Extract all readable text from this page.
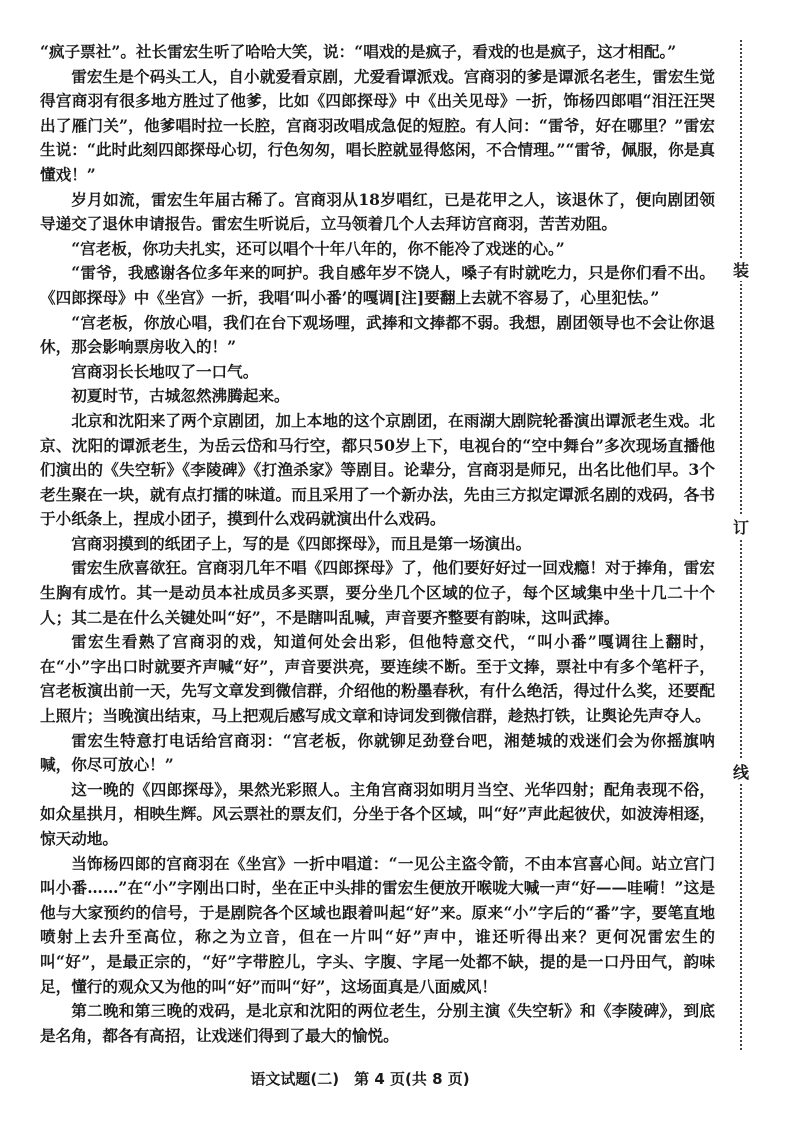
“疯子票社”。社长雷宏生听了哈哈大笑，说：“唱戏的是疯子，看戏的也是疯子，这才相配。”

雷宏生是个码头工人，自小就爱看京剧，尤爱看谭派戏。宫商羽的爹是谭派名老生，雷宏生觉得宫商羽有很多地方胜过了他爹，比如《四郎探母》中《出关见母》一折，饰杨四郎唱“泪汪汪哭出了雁门关”，他爹唱时拉一长腔，宫商羽改唱成急促的短腔。有人问：“雷爷，好在哪里？”雷宏生说：“此时此刻四郎探母心切，行色匆匆，唱长腔就显得悠闲，不合情理。”“雷爷，佩服，你是真懂戏！”

岁月如流，雷宏生年届古稀了。宫商羽从18岁唱红，已是花甲之人，该退休了，便向剧团领导递交了退休申请报告。雷宏生听说后，立马领着几个人去拜访宫商羽，苦苦劝阻。

“宫老板，你功夫扎实，还可以唱个十年八年的，你不能冷了戏迷的心。”

“雷爷，我感谢各位多年来的呵护。我自感年岁不饶人，嗓子有时就吃力，只是你们看不出。《四郎探母》中《坐宫》一折，我唱‘叫小番’的嘎调[注]要翻上去就不容易了，心里犯怯。”

“宫老板，你放心唱，我们在台下观场哩，武捧和文捧都不弱。我想，剧团领导也不会让你退休，那会影响票房收入的！”

宫商羽长长地叹了一口气。

初夏时节，古城忽然沸腾起来。

北京和沈阳来了两个京剧团，加上本地的这个京剧团，在雨湖大剧院轮番演出谭派老生戏。北京、沈阳的谭派老生，为岳云岱和马行空，都只50岁上下，电视台的“空中舞台”多次现场直播他们演出的《失空斩》《李陵碑》《打渔杀家》等剧目。论辈分，宫商羽是师兄，出名比他们早。3个老生聚在一块，就有点打擂的味道。而且采用了一个新办法，先由三方拟定谭派名剧的戏码，各书于小纸条上，捏成小团子，摸到什么戏码就演出什么戏码。

宫商羽摸到的纸团子上，写的是《四郎探母》，而且是第一场演出。

雷宏生欣喜欲狂。宫商羽几年不唱《四郎探母》了，他们要好好过一回戏瘾！对于捧角，雷宏生胸有成竹。其一是动员本社成员多买票，要分坐几个区域的位子，每个区域集中坐十几二十个人；其二是在什么关键处叫“好”，不是瞎叫乱喊，声音要齐整要有韵味，这叫武捧。

雷宏生看熟了宫商羽的戏，知道何处会出彩，但他特意交代，“叫小番”嘎调往上翻时，在“小”字出口时就要齐声喊“好”，声音要洪亮，要连续不断。至于文捧，票社中有多个笔杆子，宫老板演出前一天，先写文章发到微信群，介绍他的粉墨春秋，有什么绝活，得过什么奖，还要配上照片；当晚演出结束，马上把观后感写成文章和诗词发到微信群，趁热打铁，让舆论先声夺人。

雷宏生特意打电话给宫商羽：“宫老板，你就铆足劲登台吧，湘楚城的戏迷们会为你摇旗呐喊，你尽可放心！”

这一晚的《四郎探母》，果然光彩照人。主角宫商羽如明月当空、光华四射；配角表现不俗，如众星拱月，相映生辉。风云票社的票友们，分坐于各个区域，叫“好”声此起彼伏，如波涛相逐，惊天动地。

当饰杨四郎的宫商羽在《坐宫》一折中唱道：“一见公主盗令箭，不由本宫喜心间。站立宫门叫小番……”在“小”字刚出口时，坐在正中头排的雷宏生便放开喉咙大喊一声“好——哇嗬！”这是他与大家预约的信号，于是剧院各个区域也跟着叫起“好”来。原来“小”字后的“番”字，要笔直地喷射上去升至高位，称之为立音，但在一片叫“好”声中，谁还听得出来？更何况雷宏生的叫“好”，是最正宗的，“好”字带腔儿，字头、字腹、字尾一处都不缺，提的是一口丹田气，韵味足，懂行的观众又为他的叫“好”而叫“好”，这场面真是八面威风！

第二晚和第三晚的戏码，是北京和沈阳的两位老生，分别主演《失空斩》和《李陵碑》，到底是名角，都各有高招，让戏迷们得到了最大的愉悦。

装
订
线
语文试题(二)　第 4 页(共 8 页)
